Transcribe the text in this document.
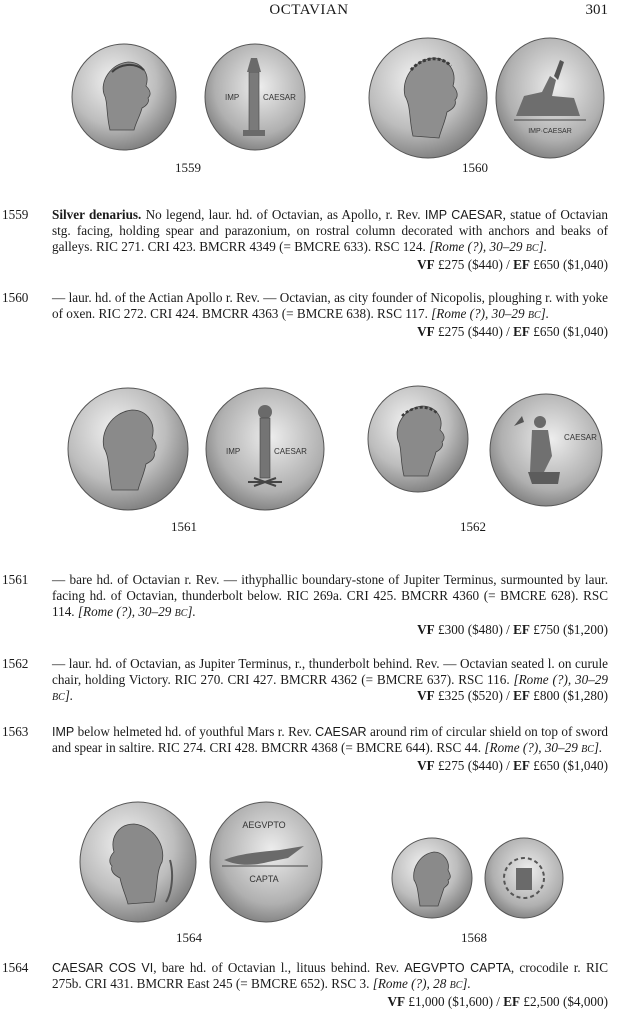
OCTAVIAN	301
IMP	CAESAR
IMP·CAESAR
1559	1560
1559 Silver denarius. No legend, laur. hd. of Octavian, as Apollo, r. Rev. IMP CAESAR, statue of Octavian stg. facing, holding spear and parazonium, on rostral column decorated with anchors and beaks of galleys. RIC 271. CRI 423. BMCRR 4349 (= BMCRE 633). RSC 124. [Rome (?), 30–29 BC].
VF £275 ($440) / EF £650 ($1,040)
1560 — laur. hd. of the Actian Apollo r. Rev. — Octavian, as city founder of Nicopolis, ploughing r. with yoke of oxen. RIC 272. CRI 424. BMCRR 4363 (= BMCRE 638). RSC 117. [Rome (?), 30–29 BC].
VF £275 ($440) / EF £650 ($1,040)
IMP	CAESAR
CAESAR
1561	1562
1561 — bare hd. of Octavian r. Rev. — ithyphallic boundary-stone of Jupiter Terminus, surmounted by laur. facing hd. of Octavian, thunderbolt below. RIC 269a. CRI 425. BMCRR 4360 (= BMCRE 628). RSC 114. [Rome (?), 30–29 BC].
VF £300 ($480) / EF £750 ($1,200)
1562 — laur. hd. of Octavian, as Jupiter Terminus, r., thunderbolt behind. Rev. — Octavian seated l. on curule chair, holding Victory. RIC 270. CRI 427. BMCRR 4362 (= BMCRE 637). RSC 116. [Rome (?), 30–29 BC].	VF £325 ($520) / EF £800 ($1,280)
1563 IMP below helmeted hd. of youthful Mars r. Rev. CAESAR around rim of circular shield on top of sword and spear in saltire. RIC 274. CRI 428. BMCRR 4368 (= BMCRE 644). RSC 44. [Rome (?), 30–29 BC].
VF £275 ($440) / EF £650 ($1,040)
AEGVPTO
CAPTA
1564	1568
1564 CAESAR COS VI, bare hd. of Octavian l., lituus behind. Rev. AEGVPTO CAPTA, crocodile r. RIC 275b. CRI 431. BMCRR East 245 (= BMCRE 652). RSC 3. [Rome (?), 28 BC].
VF £1,000 ($1,600) / EF £2,500 ($4,000)
